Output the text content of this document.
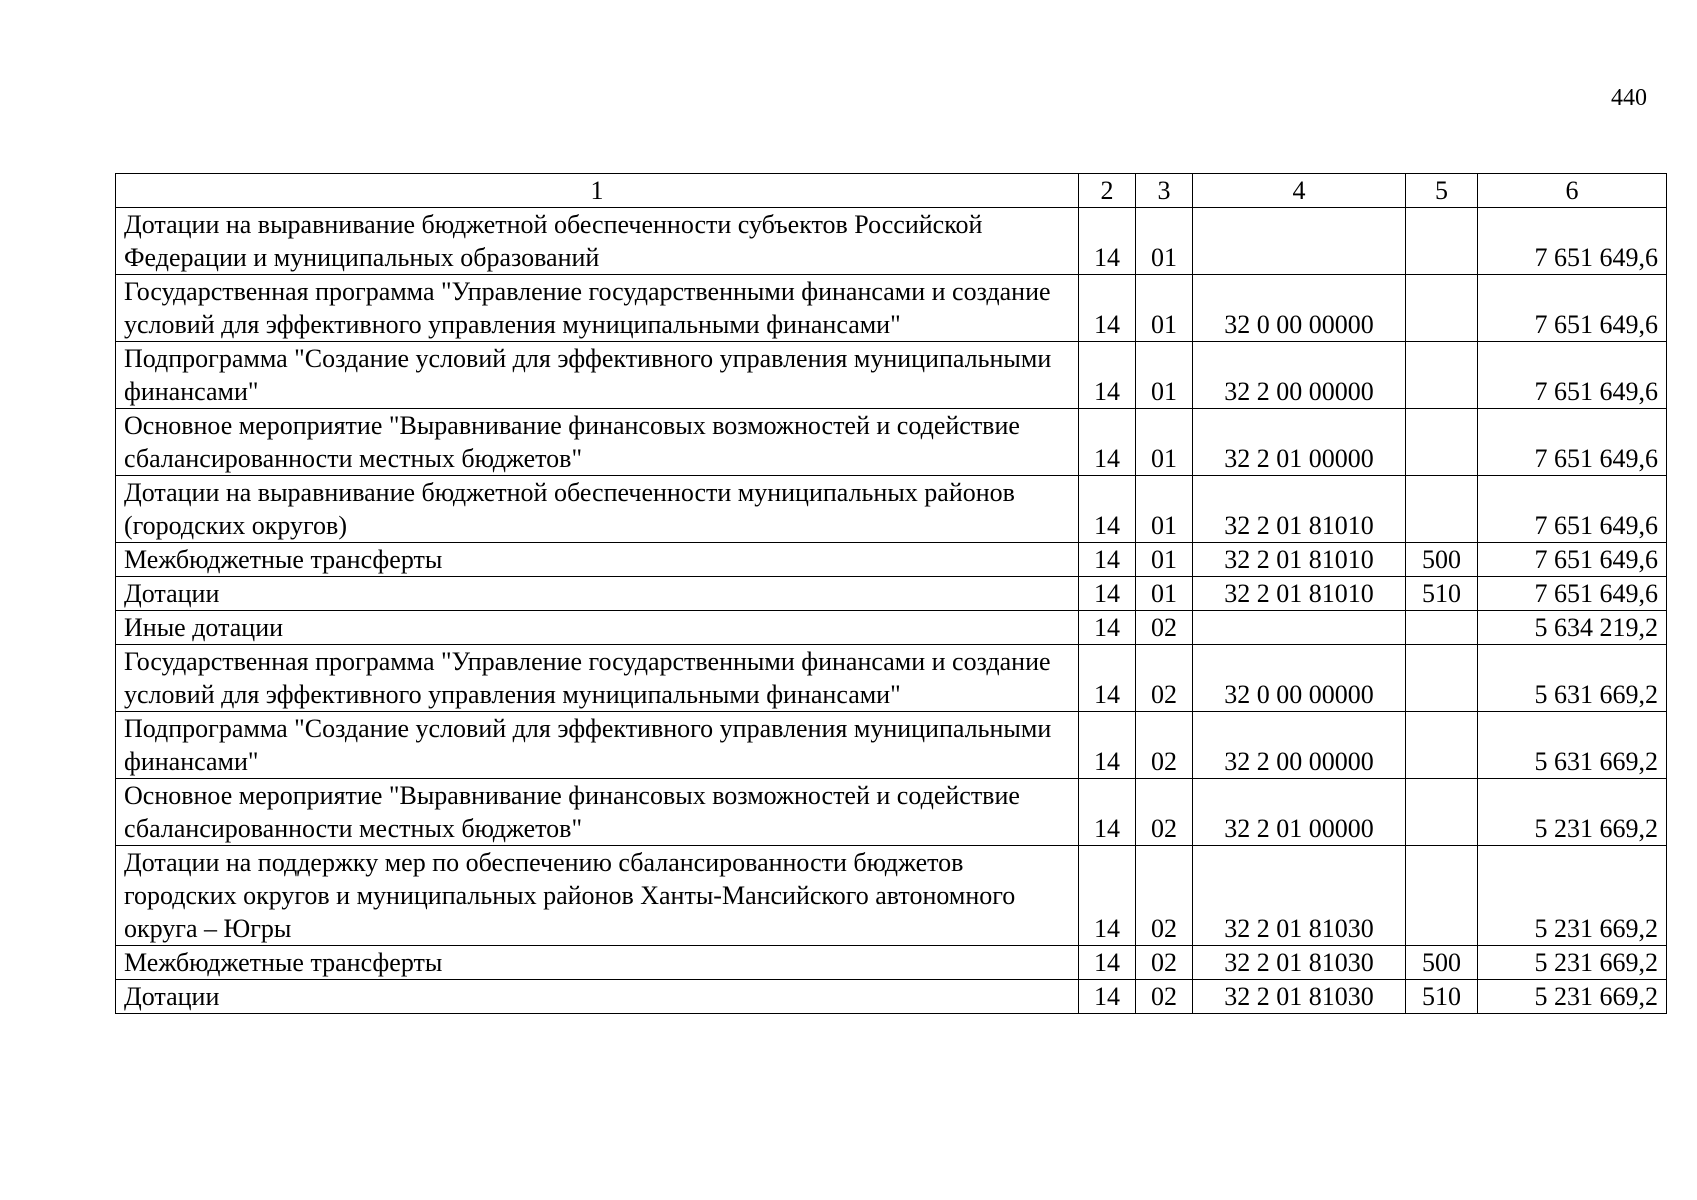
440
1	2	3	4	5	6
Дотации на выравнивание бюджетной обеспеченности субъектов Российской Федерации и муниципальных образований	14	01			7 651 649,6
Государственная программа "Управление государственными финансами и создание условий для эффективного управления муниципальными финансами"	14	01	32 0 00 00000		7 651 649,6
Подпрограмма "Создание условий для эффективного управления муниципальными финансами"	14	01	32 2 00 00000		7 651 649,6
Основное мероприятие "Выравнивание финансовых возможностей и содействие сбалансированности местных бюджетов"	14	01	32 2 01 00000		7 651 649,6
Дотации на выравнивание бюджетной обеспеченности муниципальных районов (городских округов)	14	01	32 2 01 81010		7 651 649,6
Межбюджетные трансферты	14	01	32 2 01 81010	500	7 651 649,6
Дотации	14	01	32 2 01 81010	510	7 651 649,6
Иные дотации	14	02			5 634 219,2
Государственная программа "Управление государственными финансами и создание условий для эффективного управления муниципальными финансами"	14	02	32 0 00 00000		5 631 669,2
Подпрограмма "Создание условий для эффективного управления муниципальными финансами"	14	02	32 2 00 00000		5 631 669,2
Основное мероприятие "Выравнивание финансовых возможностей и содействие сбалансированности местных бюджетов"	14	02	32 2 01 00000		5 231 669,2
Дотации на поддержку мер по обеспечению сбалансированности бюджетов городских округов и муниципальных районов Ханты-Мансийского автономного округа – Югры	14	02	32 2 01 81030		5 231 669,2
Межбюджетные трансферты	14	02	32 2 01 81030	500	5 231 669,2
Дотации	14	02	32 2 01 81030	510	5 231 669,2
